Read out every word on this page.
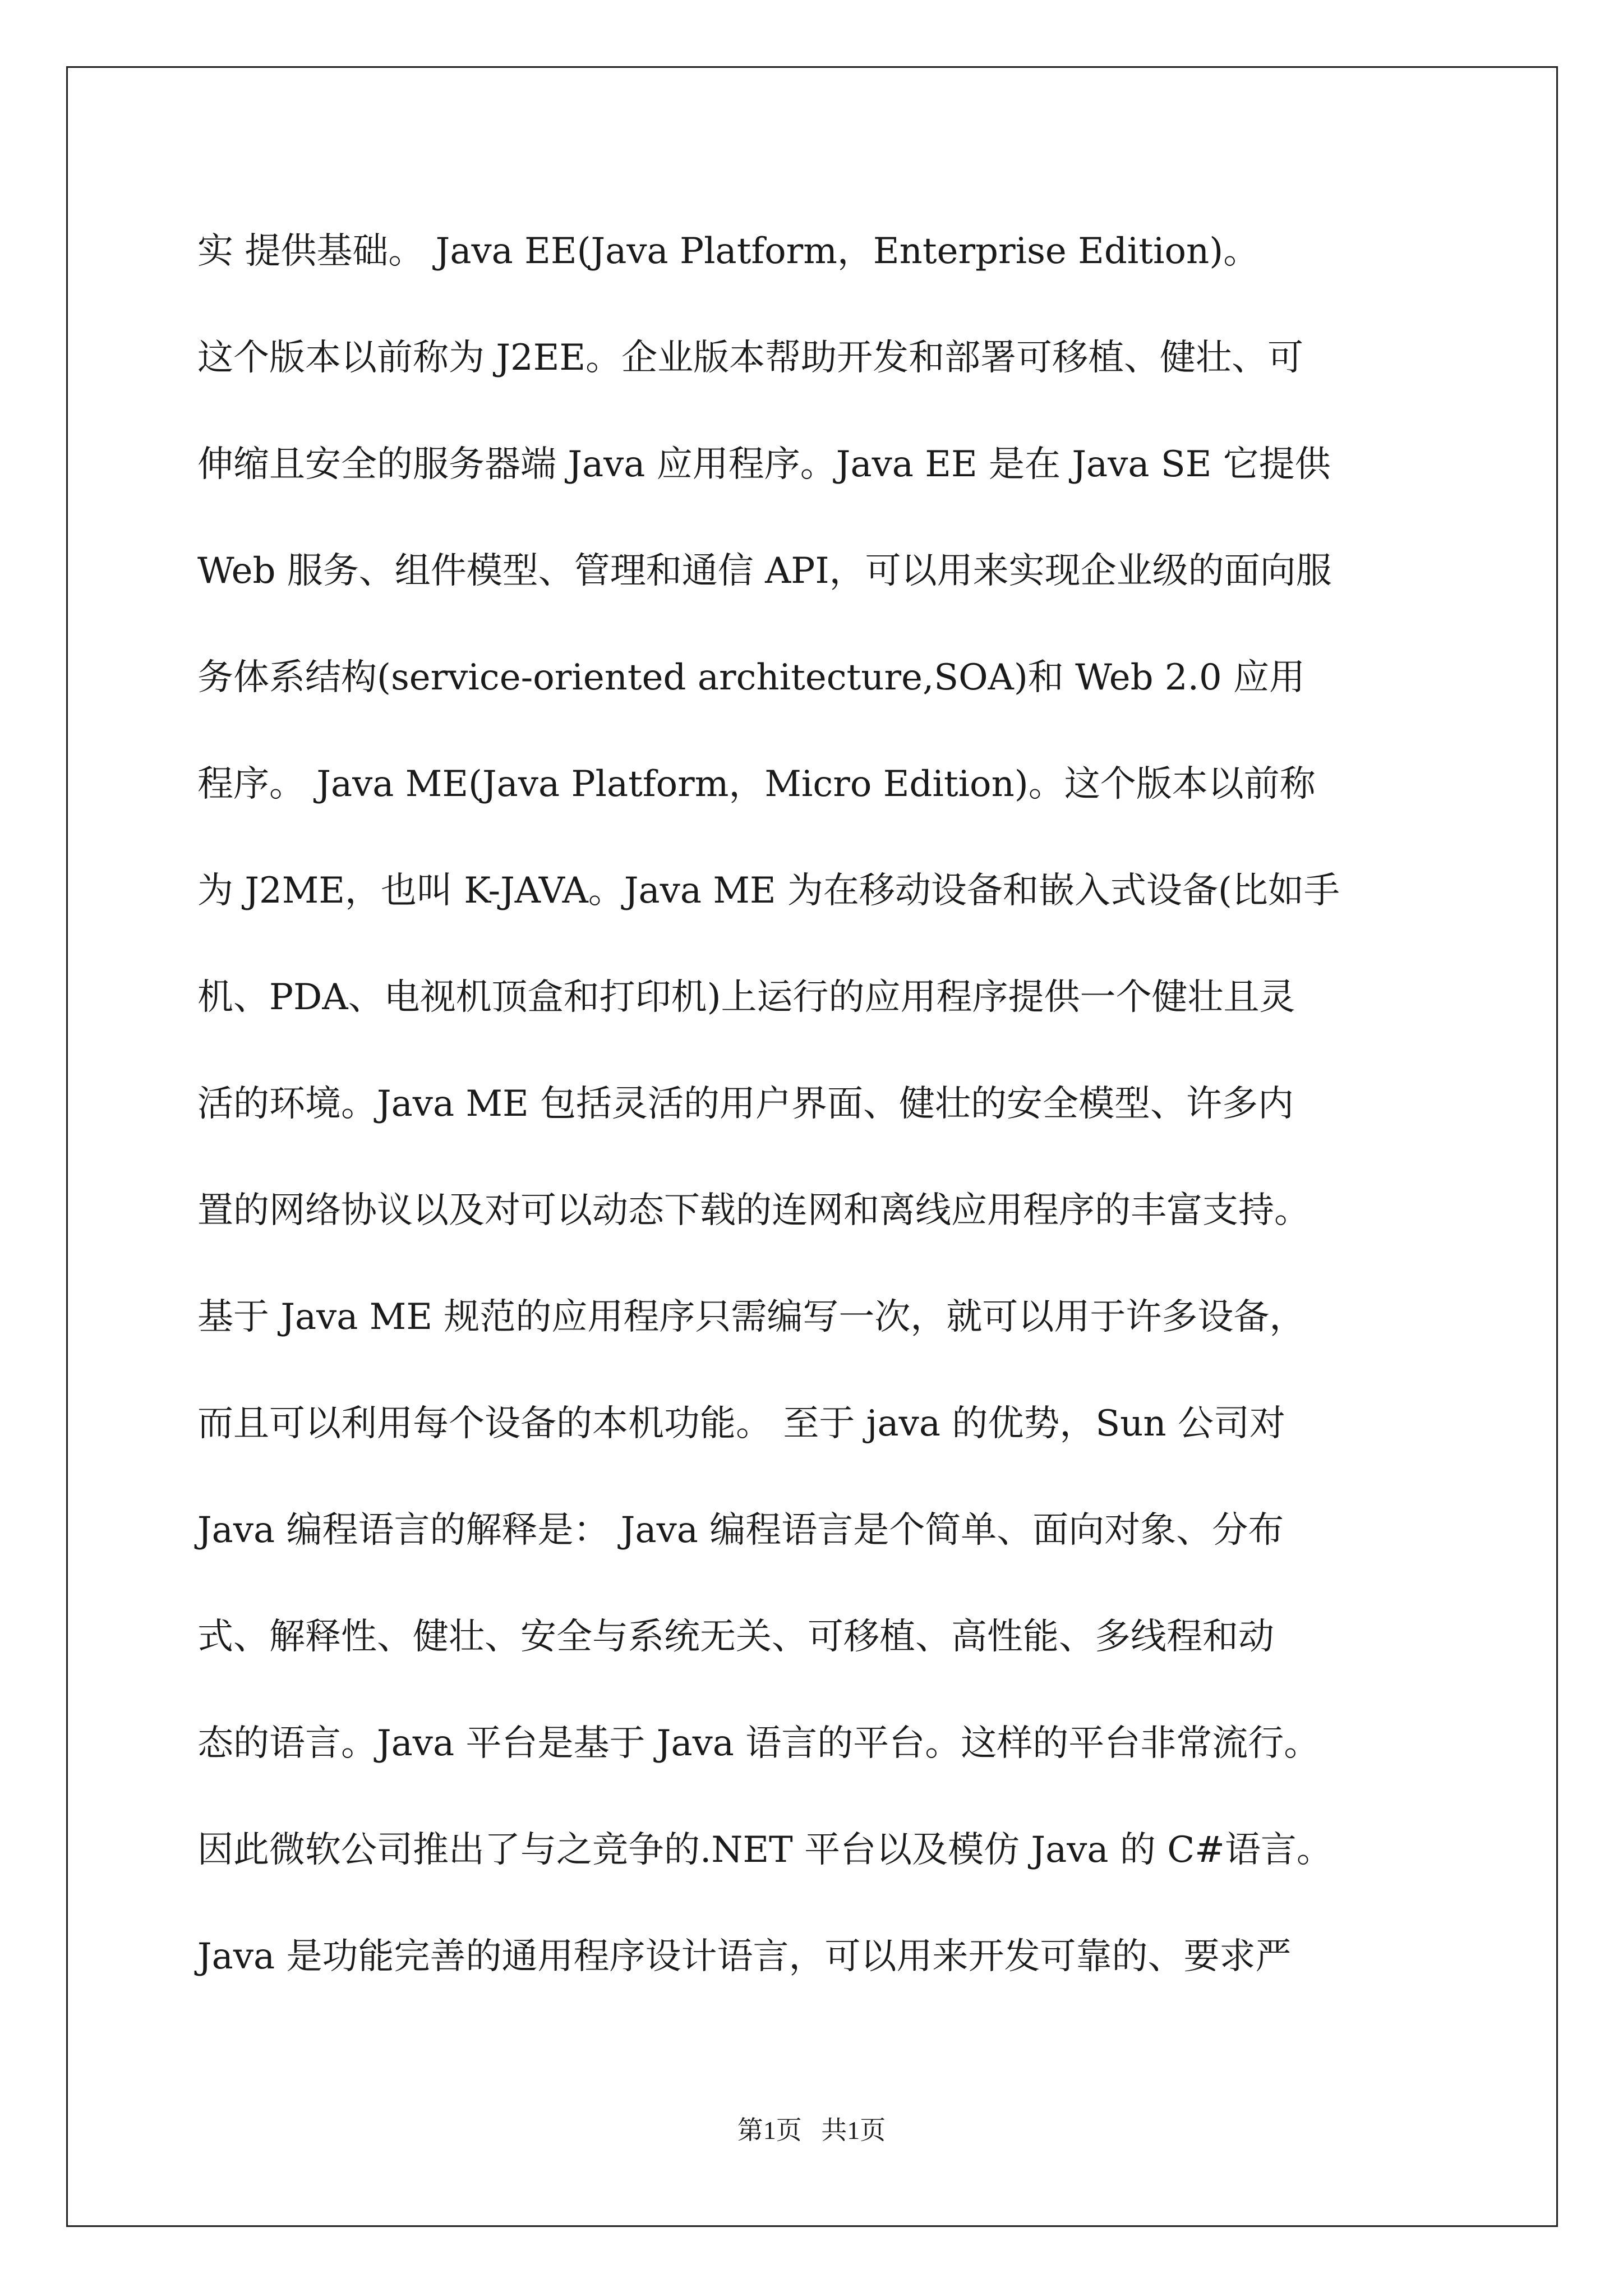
实 提供基础。 Java EE(Java Platform，Enterprise Edition)。
这个版本以前称为 J2EE。企业版本帮助开发和部署可移植、健壮、可
伸缩且安全的服务器端 Java 应用程序。Java EE 是在 Java SE 它提供
Web 服务、组件模型、管理和通信 API，可以用来实现企业级的面向服
务体系结构(service-oriented architecture,SOA)和 Web 2.0 应用
程序。 Java ME(Java Platform，Micro Edition)。这个版本以前称
为 J2ME，也叫 K-JAVA。Java ME 为在移动设备和嵌入式设备(比如手
机、PDA、电视机顶盒和打印机)上运行的应用程序提供一个健壮且灵
活的环境。Java ME 包括灵活的用户界面、健壮的安全模型、许多内
置的网络协议以及对可以动态下载的连网和离线应用程序的丰富支持。
基于 Java ME 规范的应用程序只需编写一次，就可以用于许多设备，
而且可以利用每个设备的本机功能。 至于 java 的优势，Sun 公司对
Java 编程语言的解释是： Java 编程语言是个简单、面向对象、分布
式、解释性、健壮、安全与系统无关、可移植、高性能、多线程和动
态的语言。Java 平台是基于 Java 语言的平台。这样的平台非常流行。
因此微软公司推出了与之竞争的.NET 平台以及模仿 Java 的 C#语言。
Java 是功能完善的通用程序设计语言，可以用来开发可靠的、要求严
第1页   共1页
